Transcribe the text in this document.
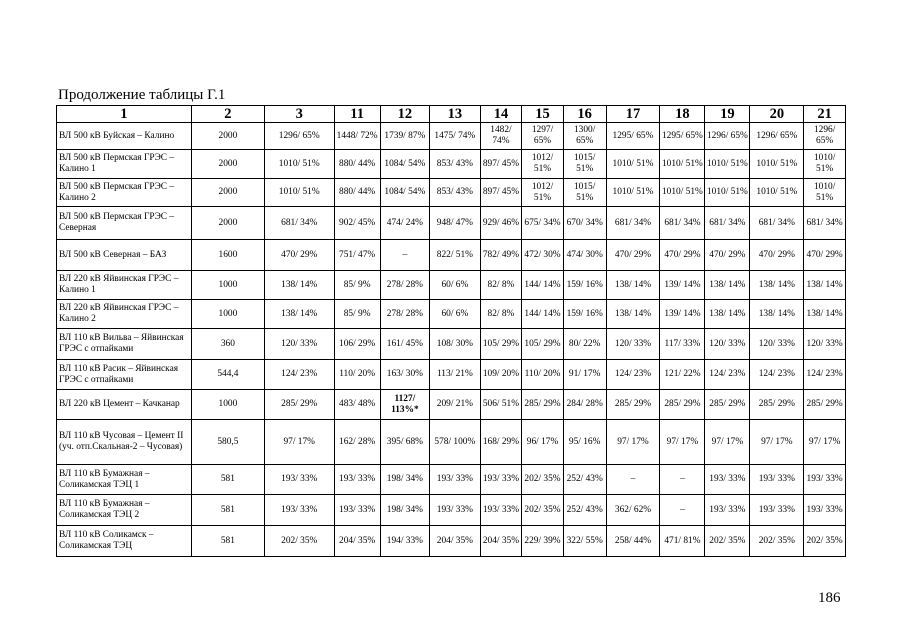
Продолжение таблицы Г.1
1	2	3	11	12	13	14	15	16	17	18	19	20	21
ВЛ 500 кВ Буйская – Калино	2000	1296/ 65%	1448/ 72%	1739/ 87%	1475/ 74%	1482/ 74%	1297/ 65%	1300/ 65%	1295/ 65%	1295/ 65%	1296/ 65%	1296/ 65%	1296/ 65%
ВЛ 500 кВ Пермская ГРЭС – Калино 1	2000	1010/ 51%	880/ 44%	1084/ 54%	853/ 43%	897/ 45%	1012/ 51%	1015/ 51%	1010/ 51%	1010/ 51%	1010/ 51%	1010/ 51%	1010/ 51%
ВЛ 500 кВ Пермская ГРЭС – Калино 2	2000	1010/ 51%	880/ 44%	1084/ 54%	853/ 43%	897/ 45%	1012/ 51%	1015/ 51%	1010/ 51%	1010/ 51%	1010/ 51%	1010/ 51%	1010/ 51%
ВЛ 500 кВ Пермская ГРЭС – Северная	2000	681/ 34%	902/ 45%	474/ 24%	948/ 47%	929/ 46%	675/ 34%	670/ 34%	681/ 34%	681/ 34%	681/ 34%	681/ 34%	681/ 34%
ВЛ 500 кВ Северная – БАЗ	1600	470/ 29%	751/ 47%	–	822/ 51%	782/ 49%	472/ 30%	474/ 30%	470/ 29%	470/ 29%	470/ 29%	470/ 29%	470/ 29%
ВЛ 220 кВ Яйвинская ГРЭС – Калино 1	1000	138/ 14%	85/ 9%	278/ 28%	60/ 6%	82/ 8%	144/ 14%	159/ 16%	138/ 14%	139/ 14%	138/ 14%	138/ 14%	138/ 14%
ВЛ 220 кВ Яйвинская ГРЭС – Калино 2	1000	138/ 14%	85/ 9%	278/ 28%	60/ 6%	82/ 8%	144/ 14%	159/ 16%	138/ 14%	139/ 14%	138/ 14%	138/ 14%	138/ 14%
ВЛ 110 кВ Вильва – Яйвинская ГРЭС с отпайками	360	120/ 33%	106/ 29%	161/ 45%	108/ 30%	105/ 29%	105/ 29%	80/ 22%	120/ 33%	117/ 33%	120/ 33%	120/ 33%	120/ 33%
ВЛ 110 кВ Расик – Яйвинская ГРЭС с отпайками	544,4	124/ 23%	110/ 20%	163/ 30%	113/ 21%	109/ 20%	110/ 20%	91/ 17%	124/ 23%	121/ 22%	124/ 23%	124/ 23%	124/ 23%
ВЛ 220 кВ Цемент – Качканар	1000	285/ 29%	483/ 48%	1127/ 113%*	209/ 21%	506/ 51%	285/ 29%	284/ 28%	285/ 29%	285/ 29%	285/ 29%	285/ 29%	285/ 29%
ВЛ 110 кВ Чусовая – Цемент II (уч. отп.Скальная-2 – Чусовая)	580,5	97/ 17%	162/ 28%	395/ 68%	578/ 100%	168/ 29%	96/ 17%	95/ 16%	97/ 17%	97/ 17%	97/ 17%	97/ 17%	97/ 17%
ВЛ 110 кВ Бумажная – Соликамская ТЭЦ 1	581	193/ 33%	193/ 33%	198/ 34%	193/ 33%	193/ 33%	202/ 35%	252/ 43%	–	–	193/ 33%	193/ 33%	193/ 33%
ВЛ 110 кВ Бумажная – Соликамская ТЭЦ 2	581	193/ 33%	193/ 33%	198/ 34%	193/ 33%	193/ 33%	202/ 35%	252/ 43%	362/ 62%	–	193/ 33%	193/ 33%	193/ 33%
ВЛ 110 кВ Соликамск – Соликамская ТЭЦ	581	202/ 35%	204/ 35%	194/ 33%	204/ 35%	204/ 35%	229/ 39%	322/ 55%	258/ 44%	471/ 81%	202/ 35%	202/ 35%	202/ 35%
186
